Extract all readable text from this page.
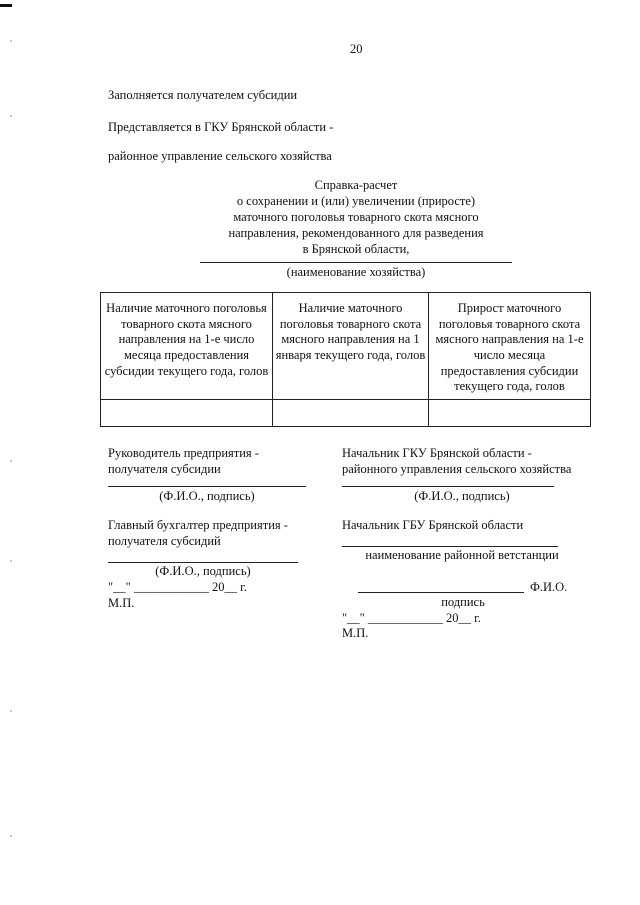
20
Заполняется получателем субсидии
Представляется в ГКУ Брянской области -
районное управление сельского хозяйства
Справка-расчет
о сохранении и (или) увеличении (приросте)
маточного поголовья товарного скота мясного
направления, рекомендованного для разведения
в Брянской области,
(наименование хозяйства)
Наличие маточного поголовья товарного скота мясного направления на 1-е число месяца предоставления субсидии текущего года, голов	Наличие маточного поголовья товарного скота мясного направления на 1 января текущего года, голов	Прирост маточного поголовья товарного скота мясного направления на 1-е число месяца предоставления субсидии текущего года, голов

Руководитель предприятия -
получателя субсидии
(Ф.И.О., подпись)
Главный бухгалтер предприятия -
получателя субсидий
(Ф.И.О., подпись)
"__" ____________ 20__ г.
М.П.
Начальник ГКУ Брянской области -
районного управления сельского хозяйства
(Ф.И.О., подпись)
Начальник ГБУ Брянской области
наименование районной ветстанции
Ф.И.О.
подпись
"__" ____________ 20__ г.
М.П.
